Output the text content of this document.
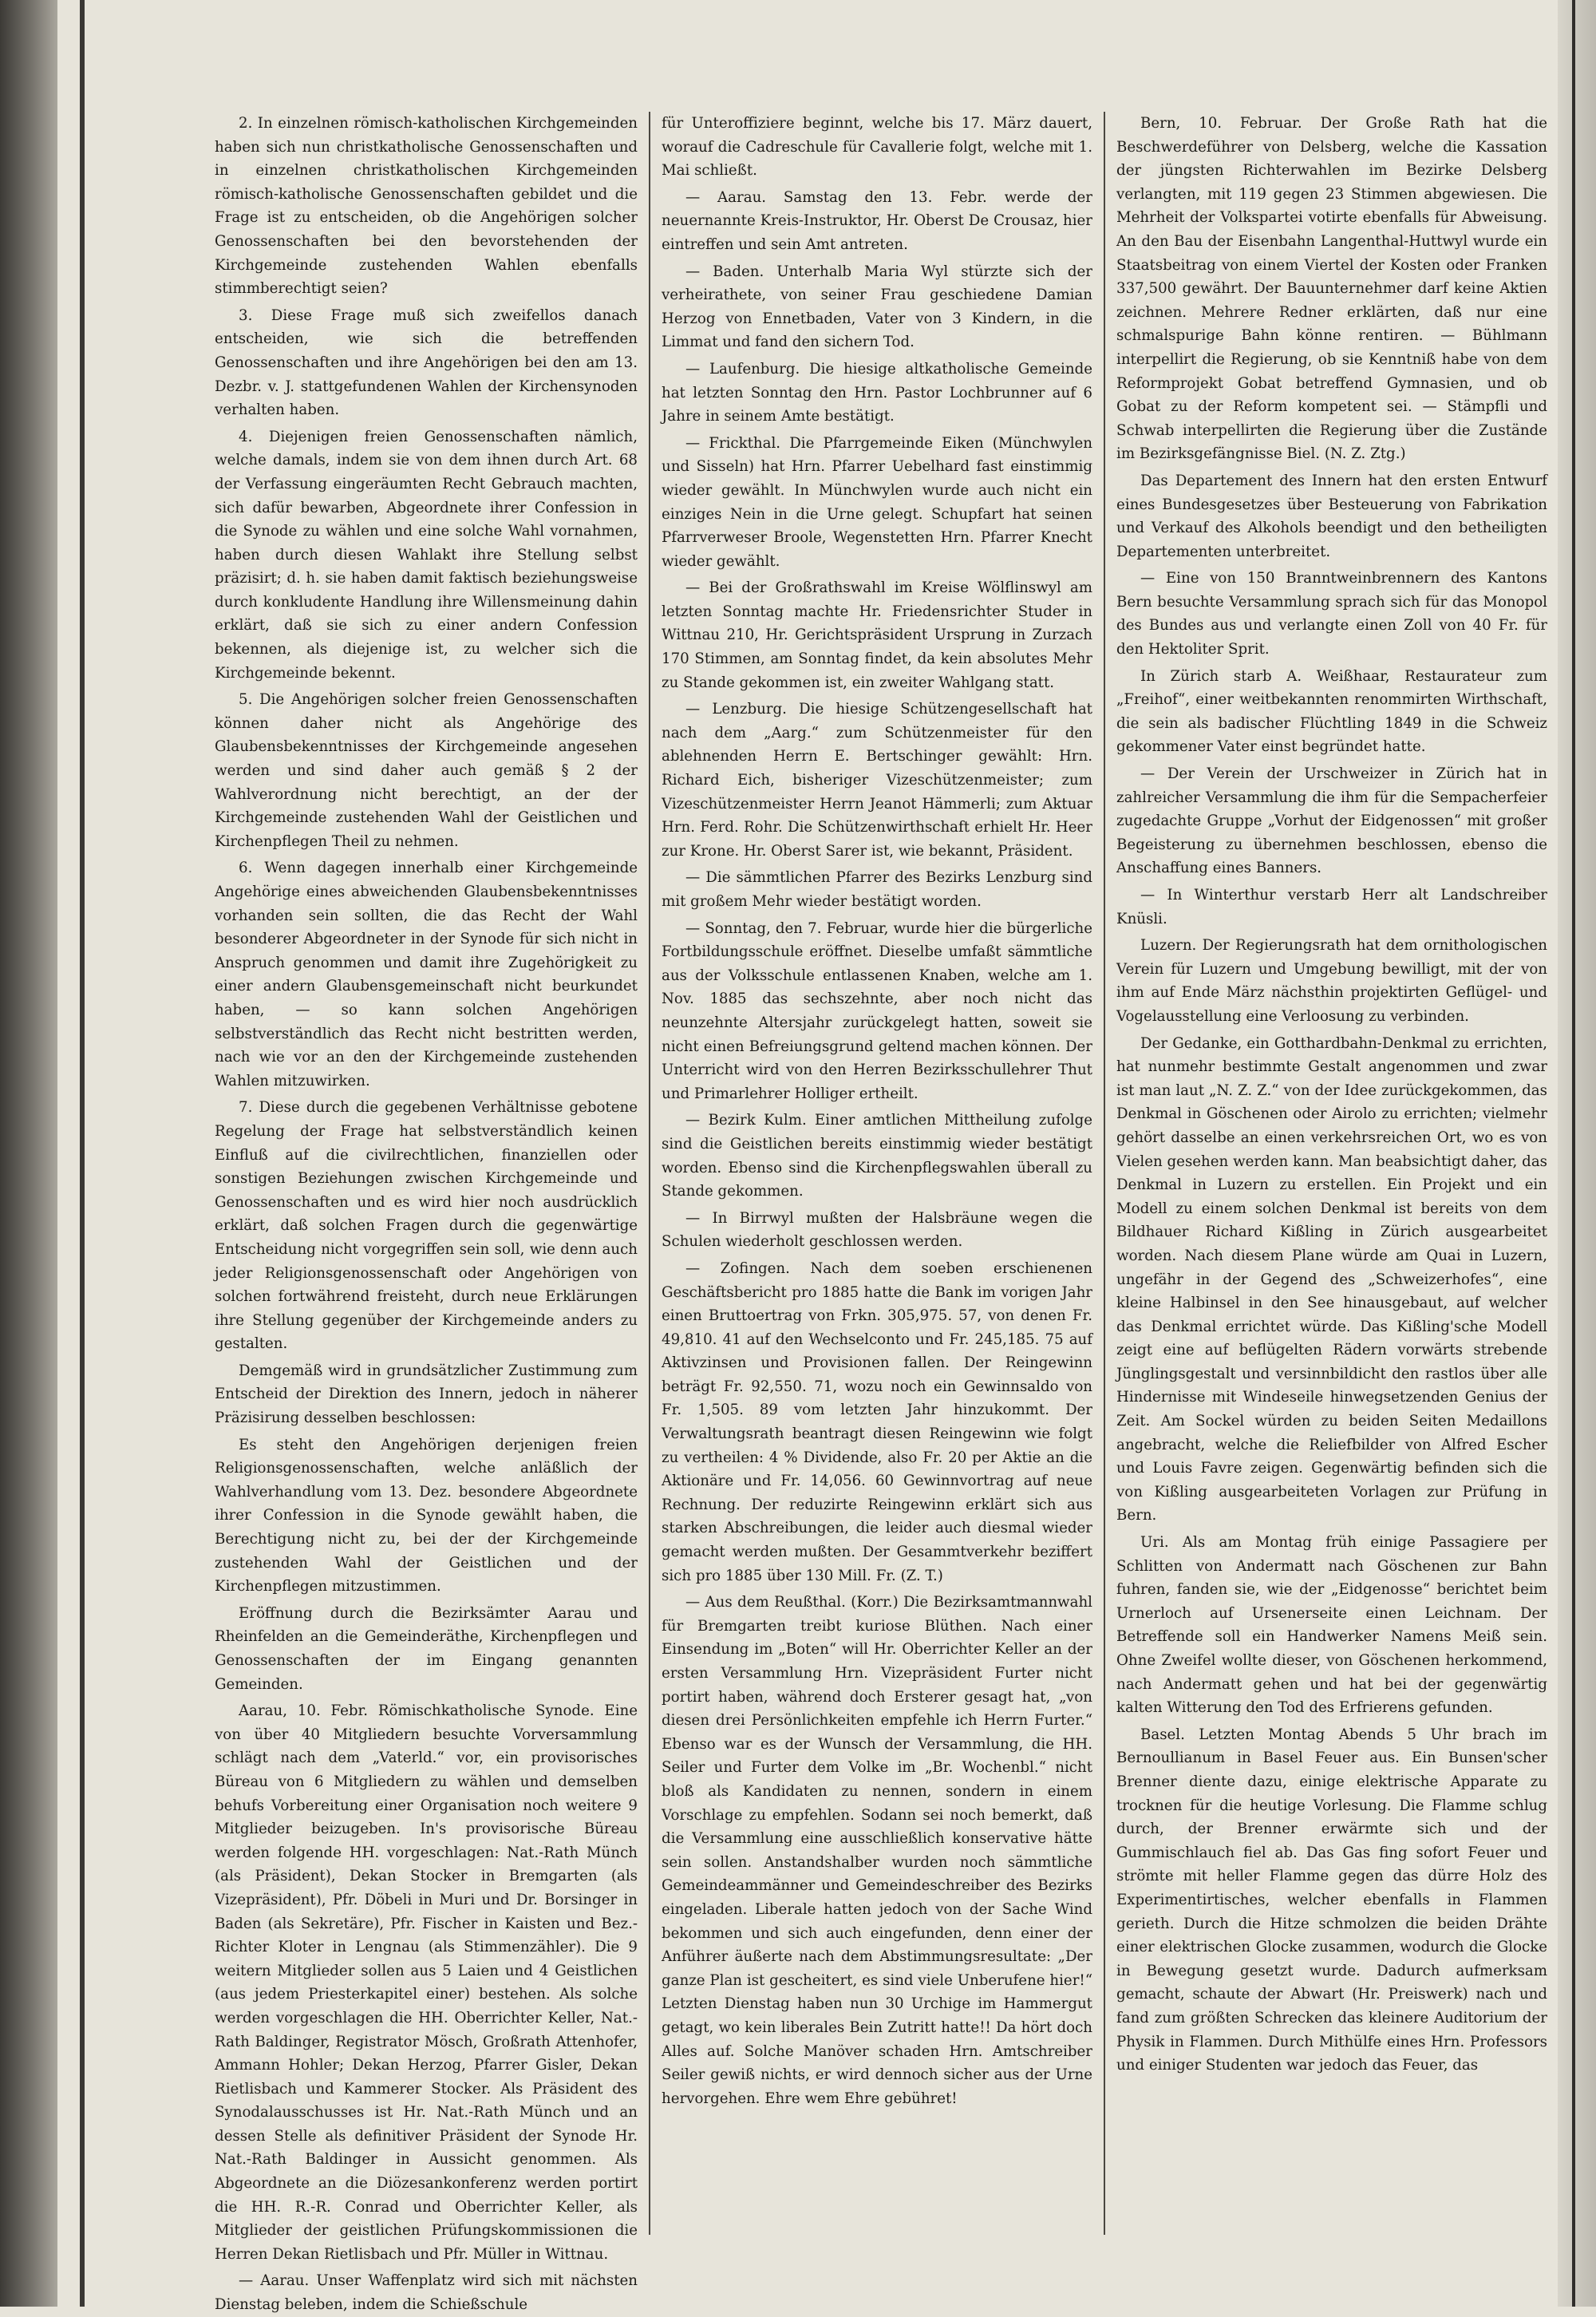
2. In einzelnen römisch-katholischen Kirchgemeinden haben sich nun christkatholische Genossenschaften und in einzelnen christkatholischen Kirchgemeinden römisch-katholische Genossenschaften gebildet und die Frage ist zu entscheiden, ob die Angehörigen solcher Genossenschaften bei den bevorstehenden der Kirchgemeinde zustehenden Wahlen ebenfalls stimmberechtigt seien?

3. Diese Frage muß sich zweifellos danach entscheiden, wie sich die betreffenden Genossenschaften und ihre Angehörigen bei den am 13. Dezbr. v. J. stattgefundenen Wahlen der Kirchensynoden verhalten haben.

4. Diejenigen freien Genossenschaften nämlich, welche damals, indem sie von dem ihnen durch Art. 68 der Verfassung eingeräumten Recht Gebrauch machten, sich dafür bewarben, Abgeordnete ihrer Confession in die Synode zu wählen und eine solche Wahl vornahmen, haben durch diesen Wahlakt ihre Stellung selbst präzisirt; d. h. sie haben damit faktisch beziehungsweise durch konkludente Handlung ihre Willensmeinung dahin erklärt, daß sie sich zu einer andern Confession bekennen, als diejenige ist, zu welcher sich die Kirchgemeinde bekennt.

5. Die Angehörigen solcher freien Genossenschaften können daher nicht als Angehörige des Glaubensbekenntnisses der Kirchgemeinde angesehen werden und sind daher auch gemäß § 2 der Wahlverordnung nicht berechtigt, an der der Kirchgemeinde zustehenden Wahl der Geistlichen und Kirchenpflegen Theil zu nehmen.

6. Wenn dagegen innerhalb einer Kirchgemeinde Angehörige eines abweichenden Glaubensbekenntnisses vorhanden sein sollten, die das Recht der Wahl besonderer Abgeordneter in der Synode für sich nicht in Anspruch genommen und damit ihre Zugehörigkeit zu einer andern Glaubensgemeinschaft nicht beurkundet haben, — so kann solchen Angehörigen selbstverständlich das Recht nicht bestritten werden, nach wie vor an den der Kirchgemeinde zustehenden Wahlen mitzuwirken.

7. Diese durch die gegebenen Verhältnisse gebotene Regelung der Frage hat selbstverständlich keinen Einfluß auf die civilrechtlichen, finanziellen oder sonstigen Beziehungen zwischen Kirchgemeinde und Genossenschaften und es wird hier noch ausdrücklich erklärt, daß solchen Fragen durch die gegenwärtige Entscheidung nicht vorgegriffen sein soll, wie denn auch jeder Religionsgenossenschaft oder Angehörigen von solchen fortwährend freisteht, durch neue Erklärungen ihre Stellung gegenüber der Kirchgemeinde anders zu gestalten.

Demgemäß wird in grundsätzlicher Zustimmung zum Entscheid der Direktion des Innern, jedoch in näherer Präzisirung desselben beschlossen:

Es steht den Angehörigen derjenigen freien Religionsgenossenschaften, welche anläßlich der Wahlverhandlung vom 13. Dez. besondere Abgeordnete ihrer Confession in die Synode gewählt haben, die Berechtigung nicht zu, bei der der Kirchgemeinde zustehenden Wahl der Geistlichen und der Kirchenpflegen mitzustimmen.

Eröffnung durch die Bezirksämter Aarau und Rheinfelden an die Gemeinderäthe, Kirchenpflegen und Genossenschaften der im Eingang genannten Gemeinden.

Aarau, 10. Febr. Römischkatholische Synode. Eine von über 40 Mitgliedern besuchte Vorversammlung schlägt nach dem „Vaterld.“ vor, ein provisorisches Büreau von 6 Mitgliedern zu wählen und demselben behufs Vorbereitung einer Organisation noch weitere 9 Mitglieder beizugeben. In's provisorische Büreau werden folgende HH. vorgeschlagen: Nat.-Rath Münch (als Präsident), Dekan Stocker in Bremgarten (als Vizepräsident), Pfr. Döbeli in Muri und Dr. Borsinger in Baden (als Sekretäre), Pfr. Fischer in Kaisten und Bez.-Richter Kloter in Lengnau (als Stimmenzähler). Die 9 weitern Mitglieder sollen aus 5 Laien und 4 Geistlichen (aus jedem Priesterkapitel einer) bestehen. Als solche werden vorgeschlagen die HH. Oberrichter Keller, Nat.-Rath Baldinger, Registrator Mösch, Großrath Attenhofer, Ammann Hohler; Dekan Herzog, Pfarrer Gisler, Dekan Rietlisbach und Kammerer Stocker. Als Präsident des Synodalausschusses ist Hr. Nat.-Rath Münch und an dessen Stelle als definitiver Präsident der Synode Hr. Nat.-Rath Baldinger in Aussicht genommen. Als Abgeordnete an die Diözesankonferenz werden portirt die HH. R.-R. Conrad und Oberrichter Keller, als Mitglieder der geistlichen Prüfungskommissionen die Herren Dekan Rietlisbach und Pfr. Müller in Wittnau.

— Aarau. Unser Waffenplatz wird sich mit nächsten Dienstag beleben, indem die Schießschule

für Unteroffiziere beginnt, welche bis 17. März dauert, worauf die Cadreschule für Cavallerie folgt, welche mit 1. Mai schließt.

— Aarau. Samstag den 13. Febr. werde der neuernannte Kreis-Instruktor, Hr. Oberst De Crousaz, hier eintreffen und sein Amt antreten.

— Baden. Unterhalb Maria Wyl stürzte sich der verheirathete, von seiner Frau geschiedene Damian Herzog von Ennetbaden, Vater von 3 Kindern, in die Limmat und fand den sichern Tod.

— Laufenburg. Die hiesige altkatholische Gemeinde hat letzten Sonntag den Hrn. Pastor Lochbrunner auf 6 Jahre in seinem Amte bestätigt.

— Frickthal. Die Pfarrgemeinde Eiken (Münchwylen und Sisseln) hat Hrn. Pfarrer Uebelhard fast einstimmig wieder gewählt. In Münchwylen wurde auch nicht ein einziges Nein in die Urne gelegt. Schupfart hat seinen Pfarrverweser Broole, Wegenstetten Hrn. Pfarrer Knecht wieder gewählt.

— Bei der Großrathswahl im Kreise Wölflinswyl am letzten Sonntag machte Hr. Friedensrichter Studer in Wittnau 210, Hr. Gerichtspräsident Ursprung in Zurzach 170 Stimmen, am Sonntag findet, da kein absolutes Mehr zu Stande gekommen ist, ein zweiter Wahlgang statt.

— Lenzburg. Die hiesige Schützengesellschaft hat nach dem „Aarg.“ zum Schützenmeister für den ablehnenden Herrn E. Bertschinger gewählt: Hrn. Richard Eich, bisheriger Vizeschützenmeister; zum Vizeschützenmeister Herrn Jeanot Hämmerli; zum Aktuar Hrn. Ferd. Rohr. Die Schützenwirthschaft erhielt Hr. Heer zur Krone. Hr. Oberst Sarer ist, wie bekannt, Präsident.

— Die sämmtlichen Pfarrer des Bezirks Lenzburg sind mit großem Mehr wieder bestätigt worden.

— Sonntag, den 7. Februar, wurde hier die bürgerliche Fortbildungsschule eröffnet. Dieselbe umfaßt sämmtliche aus der Volksschule entlassenen Knaben, welche am 1. Nov. 1885 das sechszehnte, aber noch nicht das neunzehnte Altersjahr zurückgelegt hatten, soweit sie nicht einen Befreiungsgrund geltend machen können. Der Unterricht wird von den Herren Bezirksschullehrer Thut und Primarlehrer Holliger ertheilt.

— Bezirk Kulm. Einer amtlichen Mittheilung zufolge sind die Geistlichen bereits einstimmig wieder bestätigt worden. Ebenso sind die Kirchenpflegswahlen überall zu Stande gekommen.

— In Birrwyl mußten der Halsbräune wegen die Schulen wiederholt geschlossen werden.

— Zofingen. Nach dem soeben erschienenen Geschäftsbericht pro 1885 hatte die Bank im vorigen Jahr einen Bruttoertrag von Frkn. 305,975. 57, von denen Fr. 49,810. 41 auf den Wechselconto und Fr. 245,185. 75 auf Aktivzinsen und Provisionen fallen. Der Reingewinn beträgt Fr. 92,550. 71, wozu noch ein Gewinnsaldo von Fr. 1,505. 89 vom letzten Jahr hinzukommt. Der Verwaltungsrath beantragt diesen Reingewinn wie folgt zu vertheilen: 4 % Dividende, also Fr. 20 per Aktie an die Aktionäre und Fr. 14,056. 60 Gewinnvortrag auf neue Rechnung. Der reduzirte Reingewinn erklärt sich aus starken Abschreibungen, die leider auch diesmal wieder gemacht werden mußten. Der Gesammtverkehr beziffert sich pro 1885 über 130 Mill. Fr. (Z. T.)

— Aus dem Reußthal. (Korr.) Die Bezirksamtmannwahl für Bremgarten treibt kuriose Blüthen. Nach einer Einsendung im „Boten“ will Hr. Oberrichter Keller an der ersten Versammlung Hrn. Vizepräsident Furter nicht portirt haben, während doch Ersterer gesagt hat, „von diesen drei Persönlichkeiten empfehle ich Herrn Furter.“ Ebenso war es der Wunsch der Versammlung, die HH. Seiler und Furter dem Volke im „Br. Wochenbl.“ nicht bloß als Kandidaten zu nennen, sondern in einem Vorschlage zu empfehlen. Sodann sei noch bemerkt, daß die Versammlung eine ausschließlich konservative hätte sein sollen. Anstandshalber wurden noch sämmtliche Gemeindeammänner und Gemeindeschreiber des Bezirks eingeladen. Liberale hatten jedoch von der Sache Wind bekommen und sich auch eingefunden, denn einer der Anführer äußerte nach dem Abstimmungsresultate: „Der ganze Plan ist gescheitert, es sind viele Unberufene hier!“ Letzten Dienstag haben nun 30 Urchige im Hammergut getagt, wo kein liberales Bein Zutritt hatte!! Da hört doch Alles auf. Solche Manöver schaden Hrn. Amtschreiber Seiler gewiß nichts, er wird dennoch sicher aus der Urne hervorgehen. Ehre wem Ehre gebühret!

Bern, 10. Februar. Der Große Rath hat die Beschwerdeführer von Delsberg, welche die Kassation der jüngsten Richterwahlen im Bezirke Delsberg verlangten, mit 119 gegen 23 Stimmen abgewiesen. Die Mehrheit der Volkspartei votirte ebenfalls für Abweisung. An den Bau der Eisenbahn Langenthal-Huttwyl wurde ein Staatsbeitrag von einem Viertel der Kosten oder Franken 337,500 gewährt. Der Bauunternehmer darf keine Aktien zeichnen. Mehrere Redner erklärten, daß nur eine schmalspurige Bahn könne rentiren. — Bühlmann interpellirt die Regierung, ob sie Kenntniß habe von dem Reformprojekt Gobat betreffend Gymnasien, und ob Gobat zu der Reform kompetent sei. — Stämpfli und Schwab interpellirten die Regierung über die Zustände im Bezirksgefängnisse Biel. (N. Z. Ztg.)

Das Departement des Innern hat den ersten Entwurf eines Bundesgesetzes über Besteuerung von Fabrikation und Verkauf des Alkohols beendigt und den betheiligten Departementen unterbreitet.

— Eine von 150 Branntweinbrennern des Kantons Bern besuchte Versammlung sprach sich für das Monopol des Bundes aus und verlangte einen Zoll von 40 Fr. für den Hektoliter Sprit.

In Zürich starb A. Weißhaar, Restaurateur zum „Freihof“, einer weitbekannten renommirten Wirthschaft, die sein als badischer Flüchtling 1849 in die Schweiz gekommener Vater einst begründet hatte.

— Der Verein der Urschweizer in Zürich hat in zahlreicher Versammlung die ihm für die Sempacherfeier zugedachte Gruppe „Vorhut der Eidgenossen“ mit großer Begeisterung zu übernehmen beschlossen, ebenso die Anschaffung eines Banners.

— In Winterthur verstarb Herr alt Landschreiber Knüsli.

Luzern. Der Regierungsrath hat dem ornithologischen Verein für Luzern und Umgebung bewilligt, mit der von ihm auf Ende März nächsthin projektirten Geflügel- und Vogelausstellung eine Verloosung zu verbinden.

Der Gedanke, ein Gotthardbahn-Denkmal zu errichten, hat nunmehr bestimmte Gestalt angenommen und zwar ist man laut „N. Z. Z.“ von der Idee zurückgekommen, das Denkmal in Göschenen oder Airolo zu errichten; vielmehr gehört dasselbe an einen verkehrsreichen Ort, wo es von Vielen gesehen werden kann. Man beabsichtigt daher, das Denkmal in Luzern zu erstellen. Ein Projekt und ein Modell zu einem solchen Denkmal ist bereits von dem Bildhauer Richard Kißling in Zürich ausgearbeitet worden. Nach diesem Plane würde am Quai in Luzern, ungefähr in der Gegend des „Schweizerhofes“, eine kleine Halbinsel in den See hinausgebaut, auf welcher das Denkmal errichtet würde. Das Kißling'sche Modell zeigt eine auf beflügelten Rädern vorwärts strebende Jünglingsgestalt und versinnbildicht den rastlos über alle Hindernisse mit Windeseile hinwegsetzenden Genius der Zeit. Am Sockel würden zu beiden Seiten Medaillons angebracht, welche die Reliefbilder von Alfred Escher und Louis Favre zeigen. Gegenwärtig befinden sich die von Kißling ausgearbeiteten Vorlagen zur Prüfung in Bern.

Uri. Als am Montag früh einige Passagiere per Schlitten von Andermatt nach Göschenen zur Bahn fuhren, fanden sie, wie der „Eidgenosse“ berichtet beim Urnerloch auf Ursenerseite einen Leichnam. Der Betreffende soll ein Handwerker Namens Meiß sein. Ohne Zweifel wollte dieser, von Göschenen herkommend, nach Andermatt gehen und hat bei der gegenwärtig kalten Witterung den Tod des Erfrierens gefunden.

Basel. Letzten Montag Abends 5 Uhr brach im Bernoullianum in Basel Feuer aus. Ein Bunsen'scher Brenner diente dazu, einige elektrische Apparate zu trocknen für die heutige Vorlesung. Die Flamme schlug durch, der Brenner erwärmte sich und der Gummischlauch fiel ab. Das Gas fing sofort Feuer und strömte mit heller Flamme gegen das dürre Holz des Experimentirtisches, welcher ebenfalls in Flammen gerieth. Durch die Hitze schmolzen die beiden Drähte einer elektrischen Glocke zusammen, wodurch die Glocke in Bewegung gesetzt wurde. Dadurch aufmerksam gemacht, schaute der Abwart (Hr. Preiswerk) nach und fand zum größten Schrecken das kleinere Auditorium der Physik in Flammen. Durch Mithülfe eines Hrn. Professors und einiger Studenten war jedoch das Feuer, das
